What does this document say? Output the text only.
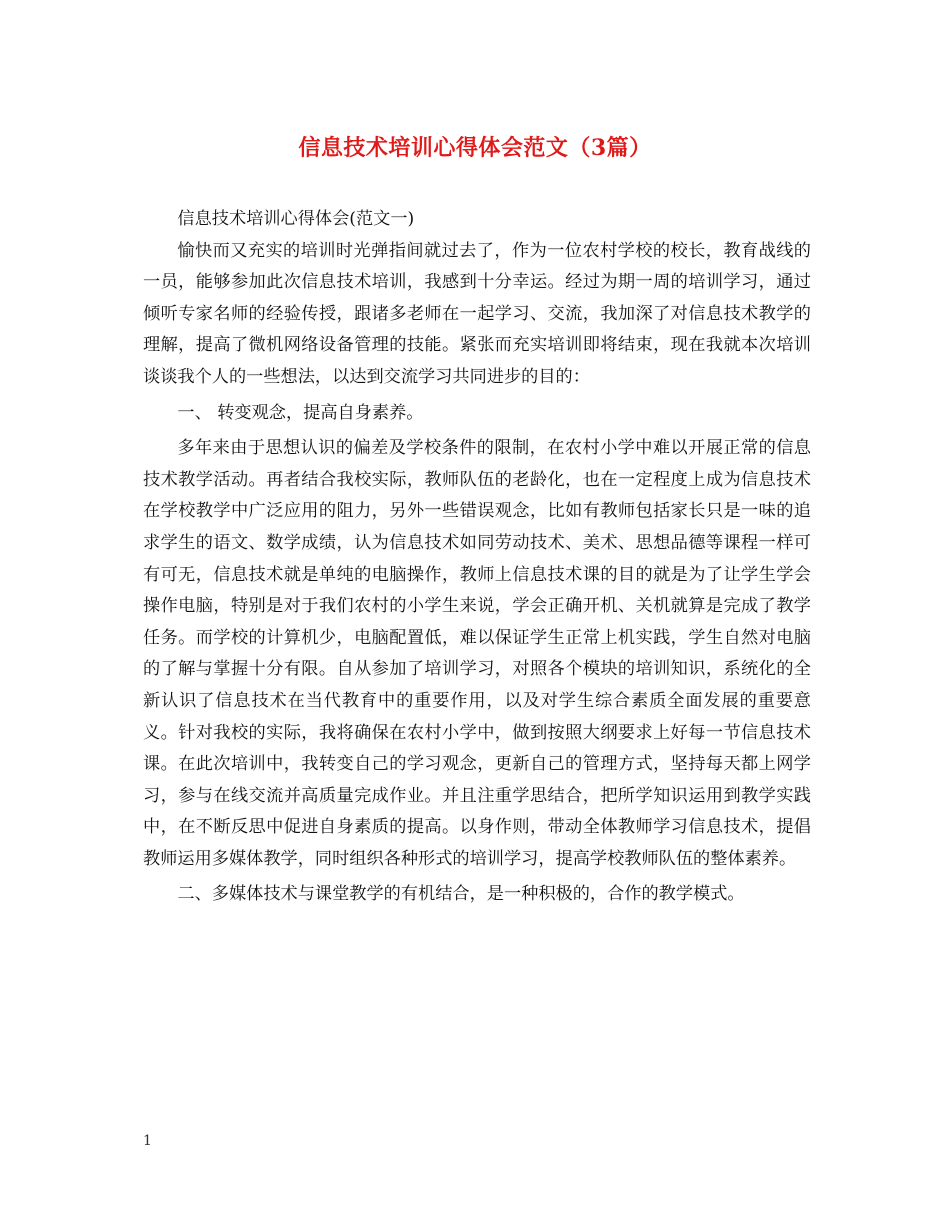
信息技术培训心得体会范文（3篇）

信息技术培训心得体会(范文一)

愉快而又充实的培训时光弹指间就过去了，作为一位农村学校的校长，教育战线的一员，能够参加此次信息技术培训，我感到十分幸运。经过为期一周的培训学习，通过倾听专家名师的经验传授，跟诸多老师在一起学习、交流，我加深了对信息技术教学的理解，提高了微机网络设备管理的技能。紧张而充实培训即将结束，现在我就本次培训谈谈我个人的一些想法，以达到交流学习共同进步的目的：

一、 转变观念，提高自身素养。

多年来由于思想认识的偏差及学校条件的限制，在农村小学中难以开展正常的信息技术教学活动。再者结合我校实际，教师队伍的老龄化，也在一定程度上成为信息技术在学校教学中广泛应用的阻力，另外一些错误观念，比如有教师包括家长只是一味的追求学生的语文、数学成绩，认为信息技术如同劳动技术、美术、思想品德等课程一样可有可无，信息技术就是单纯的电脑操作，教师上信息技术课的目的就是为了让学生学会操作电脑，特别是对于我们农村的小学生来说，学会正确开机、关机就算是完成了教学任务。而学校的计算机少，电脑配置低，难以保证学生正常上机实践，学生自然对电脑的了解与掌握十分有限。自从参加了培训学习，对照各个模块的培训知识，系统化的全新认识了信息技术在当代教育中的重要作用，以及对学生综合素质全面发展的重要意义。针对我校的实际，我将确保在农村小学中，做到按照大纲要求上好每一节信息技术课。在此次培训中，我转变自己的学习观念，更新自己的管理方式，坚持每天都上网学习，参与在线交流并高质量完成作业。并且注重学思结合，把所学知识运用到教学实践中，在不断反思中促进自身素质的提高。以身作则，带动全体教师学习信息技术，提倡教师运用多媒体教学，同时组织各种形式的培训学习，提高学校教师队伍的整体素养。

二、多媒体技术与课堂教学的有机结合，是一种积极的，合作的教学模式。

1
